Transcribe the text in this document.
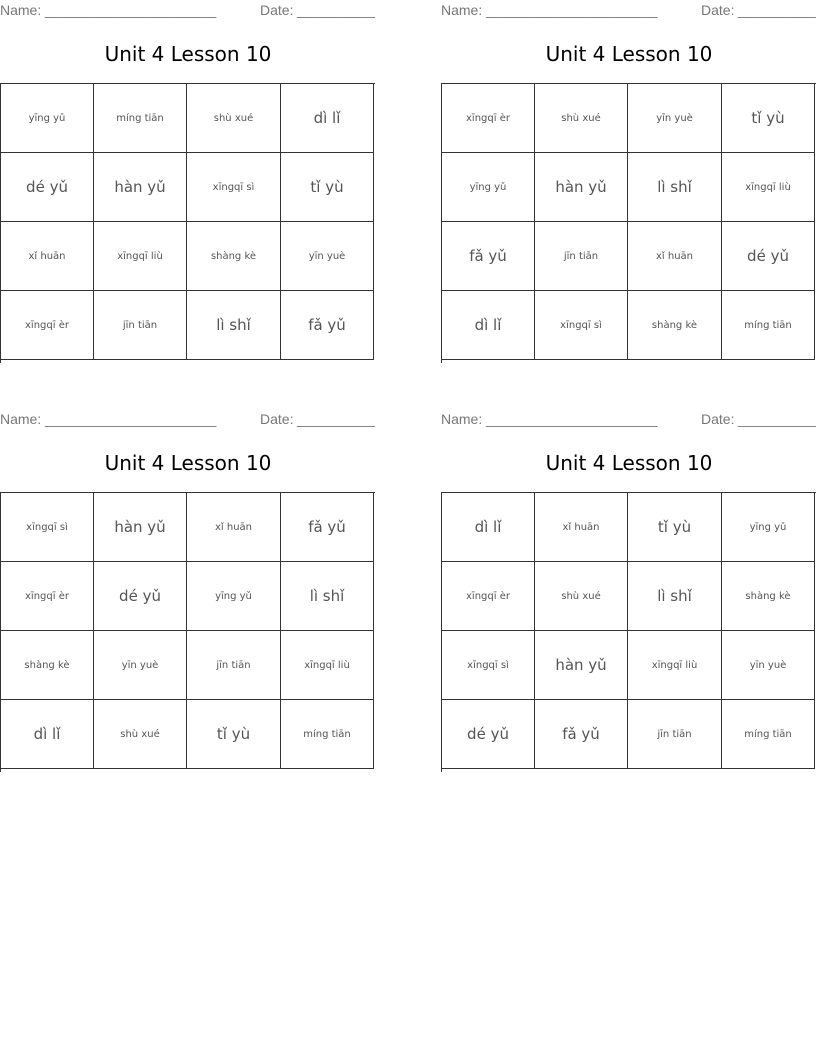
Name: ______________________	Date: __________
Unit 4 Lesson 10
yīng yǔ	míng tiān	shù xué	dì lǐ
dé yǔ	hàn yǔ	xīngqī sì	tǐ yù
xǐ huān	xīngqī liù	shàng kè	yīn yuè
xīngqī èr	jīn tiān	lì shǐ	fǎ yǔ
Name: ______________________	Date: __________
Unit 4 Lesson 10
xīngqī èr	shù xué	yīn yuè	tǐ yù
yīng yǔ	hàn yǔ	lì shǐ	xīngqī liù
fǎ yǔ	jīn tiān	xǐ huān	dé yǔ
dì lǐ	xīngqī sì	shàng kè	míng tiān
Name: ______________________	Date: __________
Unit 4 Lesson 10
xīngqī sì	hàn yǔ	xǐ huān	fǎ yǔ
xīngqī èr	dé yǔ	yīng yǔ	lì shǐ
shàng kè	yīn yuè	jīn tiān	xīngqī liù
dì lǐ	shù xué	tǐ yù	míng tiān
Name: ______________________	Date: __________
Unit 4 Lesson 10
dì lǐ	xǐ huān	tǐ yù	yīng yǔ
xīngqī èr	shù xué	lì shǐ	shàng kè
xīngqī sì	hàn yǔ	xīngqī liù	yīn yuè
dé yǔ	fǎ yǔ	jīn tiān	míng tiān
